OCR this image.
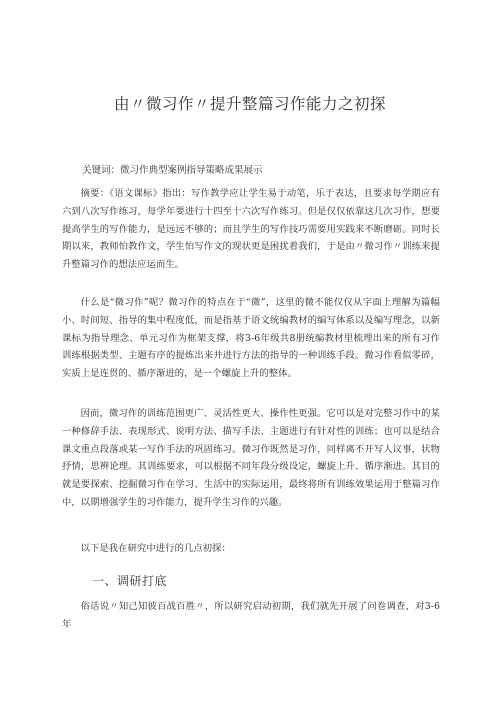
由〃微习作〃提升整篇习作能力之初探
关键词：微习作典型案例指导策略成果展示
摘要：《语文课标》指出：写作教学应让学生易于动笔，乐于表达，且要求每学期应有六到八次写作练习，每学年要进行十四至十六次写作练习。但是仅仅依靠这几次习作，想要提高学生的写作能力，是远远不够的；而且学生的写作技巧需要用实践来不断磨砺。同时长期以来，教师怕教作文，学生怕写作文的现状更是困扰着我们，于是由〃微习作〃训练来提升整篇习作的想法应运而生。
什么是“微习作”呢？微习作的特点在于“微”，这里的微不能仅仅从字面上理解为篇幅小、时间短、指导的集中程度低，而是指基于语文统编教材的编写体系以及编写理念，以新课标为指导理念、单元习作为框架支撑，将3-6年级共8册统编教材里梳理出来的所有习作训练根据类型、主题有序的提炼出来并进行方法的指导的一种训练手段。微习作看似零碎，实质上是连贯的、循序渐进的，是一个螺旋上升的整体。
因而，微习作的训练范围更广、灵活性更大、操作性更强。它可以是对完整习作中的某一种修辞手法、表现形式、说明方法、描写手法、主题进行有针对性的训练；也可以是结合课文重点段落或某一写作手法的巩固练习。微习作既然是习作，同样离不开写人议事，状物抒情，思辨论理。其训练要求，可以根据不同年段分级设定，螺旋上升、循序渐进。其目的就是要探索、挖掘微习作在学习、生活中的实际运用，最终将所有训练效果运用于整篇习作中，以期增强学生的习作能力，提升学生习作的兴趣。
以下是我在研究中进行的几点初探：
一、调研打底
俗话说〃知己知彼百战百胜〃，所以研究启动初期，我们就先开展了问卷调查，对3-6年
